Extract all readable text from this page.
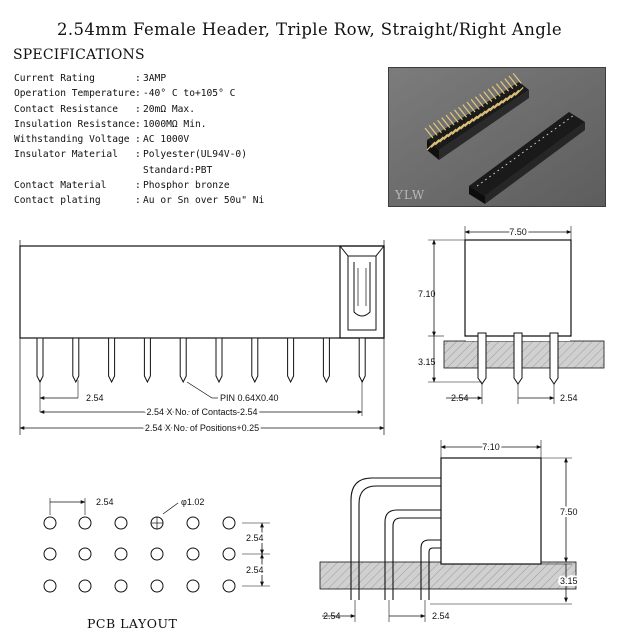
2.54mm Female Header, Triple Row, Straight/Right Angle
SPECIFICATIONS
Current Rating	: 3AMP
Operation Temperature : -40° C to+105° C
Contact Resistance	: 20mΩ Max.
Insulation Resistance : 1000MΩ Min.
Withstanding Voltage : AC 1000V
Insulator Material	: Polyester(UL94V-0)

Standard:PBT
Contact Material	: Phosphor bronze
Contact plating	: Au or Sn over 50u" Ni	YLW
2.54	PIN 0.64X0.40
2.54 X No. of Contacts-2.54
2.54 X No. of Positions+0.25
7.50
7.10
3.15
2.54	2.54
7.10
7.50
3.15
2.54	2.54
2.54	φ1.02
2.54
2.54
PCB LAYOUT
